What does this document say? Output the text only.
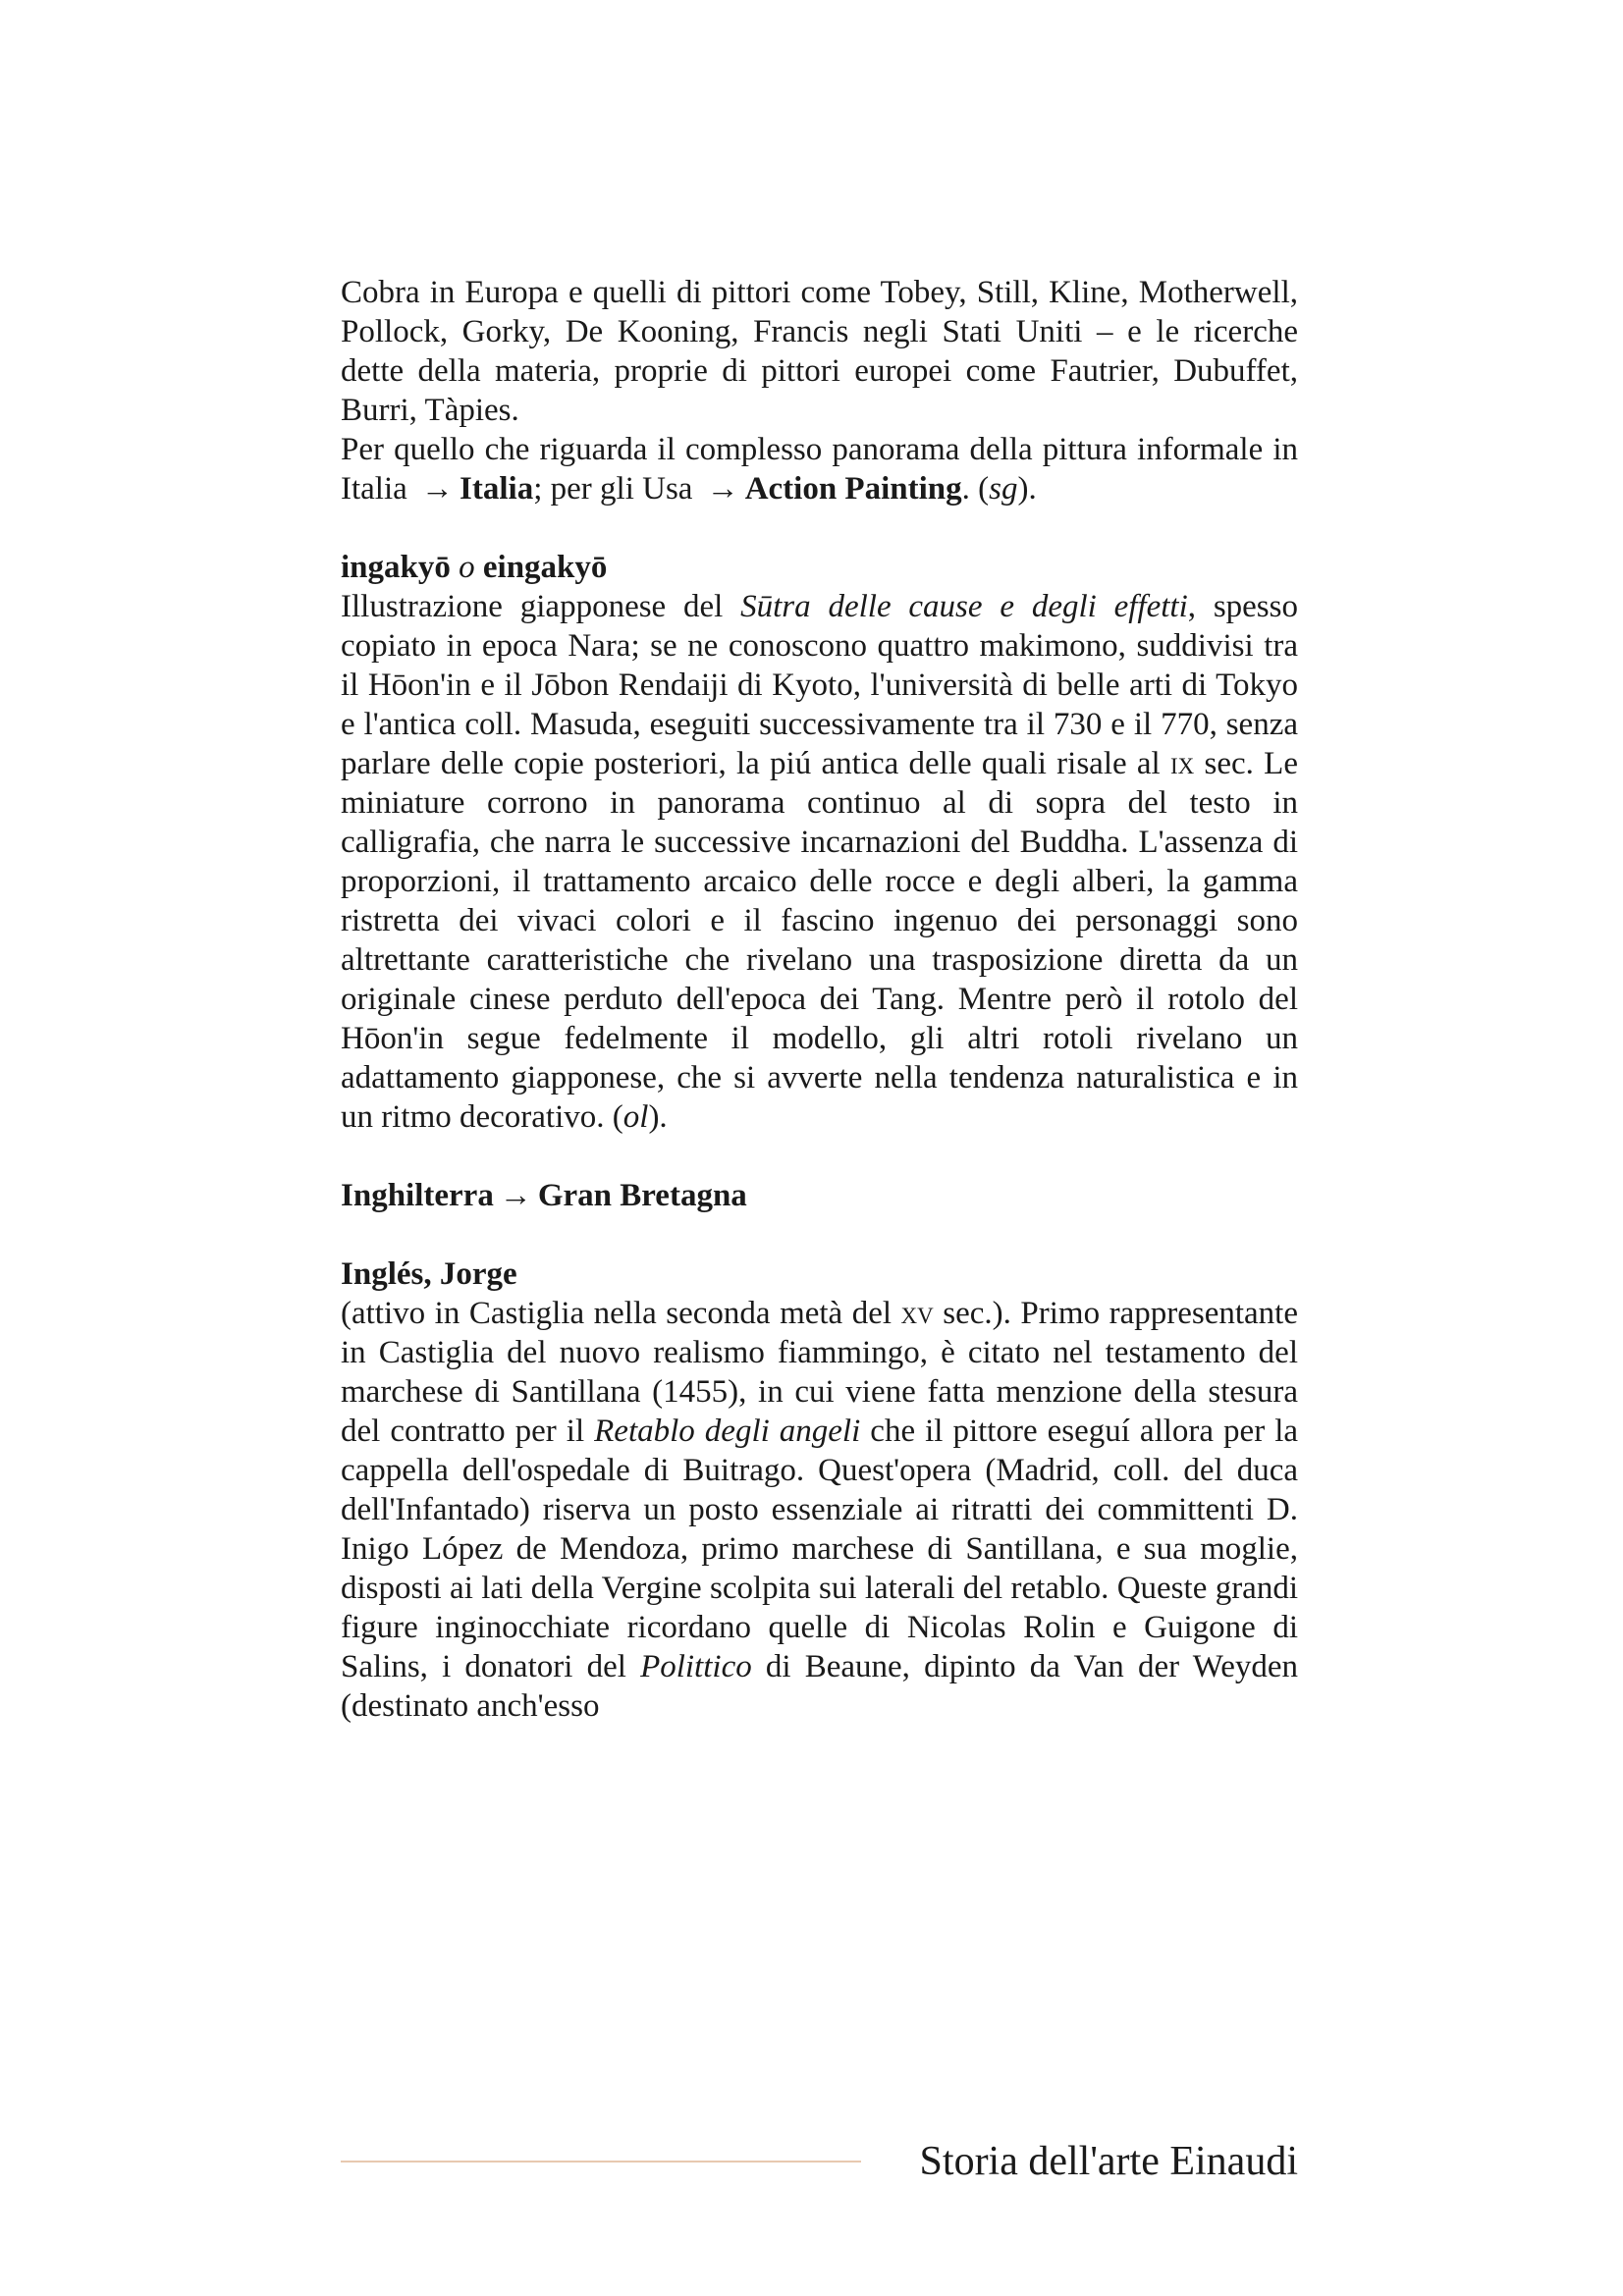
Cobra in Europa e quelli di pittori come Tobey, Still, Kline, Motherwell, Pollock, Gorky, De Kooning, Francis negli Stati Uniti – e le ricerche dette della materia, proprie di pittori europei come Fautrier, Dubuffet, Burri, Tàpies.

Per quello che riguarda il complesso panorama della pittura informale in Italia → Italia; per gli Usa → Action Painting. (sg).

ingakyō o eingakyō

Illustrazione giapponese del Sūtra delle cause e degli effetti, spesso copiato in epoca Nara; se ne conoscono quattro makimono, suddivisi tra il Hōon'in e il Jōbon Rendaiji di Kyoto, l'università di belle arti di Tokyo e l'antica coll. Masuda, eseguiti successivamente tra il 730 e il 770, senza parlare delle copie posteriori, la piú antica delle quali risale al ix sec. Le miniature corrono in panorama continuo al di sopra del testo in calligrafia, che narra le successive incarnazioni del Buddha. L'assenza di proporzioni, il trattamento arcaico delle rocce e degli alberi, la gamma ristretta dei vivaci colori e il fascino ingenuo dei personaggi sono altrettante caratteristiche che rivelano una trasposizione diretta da un originale cinese perduto dell'epoca dei Tang. Mentre però il rotolo del Hōon'in segue fedelmente il modello, gli altri rotoli rivelano un adattamento giapponese, che si avverte nella tendenza naturalistica e in un ritmo decorativo. (ol).

Inghilterra → Gran Bretagna

Inglés, Jorge

(attivo in Castiglia nella seconda metà del xv sec.). Primo rappresentante in Castiglia del nuovo realismo fiammingo, è citato nel testamento del marchese di Santillana (1455), in cui viene fatta menzione della stesura del contratto per il Retablo degli angeli che il pittore eseguí allora per la cappella dell'ospedale di Buitrago. Quest'opera (Madrid, coll. del duca dell'Infantado) riserva un posto essenziale ai ritratti dei committenti D. Inigo López de Mendoza, primo marchese di Santillana, e sua moglie, disposti ai lati della Vergine scolpita sui laterali del retablo. Queste grandi figure inginocchiate ricordano quelle di Nicolas Rolin e Guigone di Salins, i donatori del Polittico di Beaune, dipinto da Van der Weyden (destinato anch'esso

Storia dell'arte Einaudi
